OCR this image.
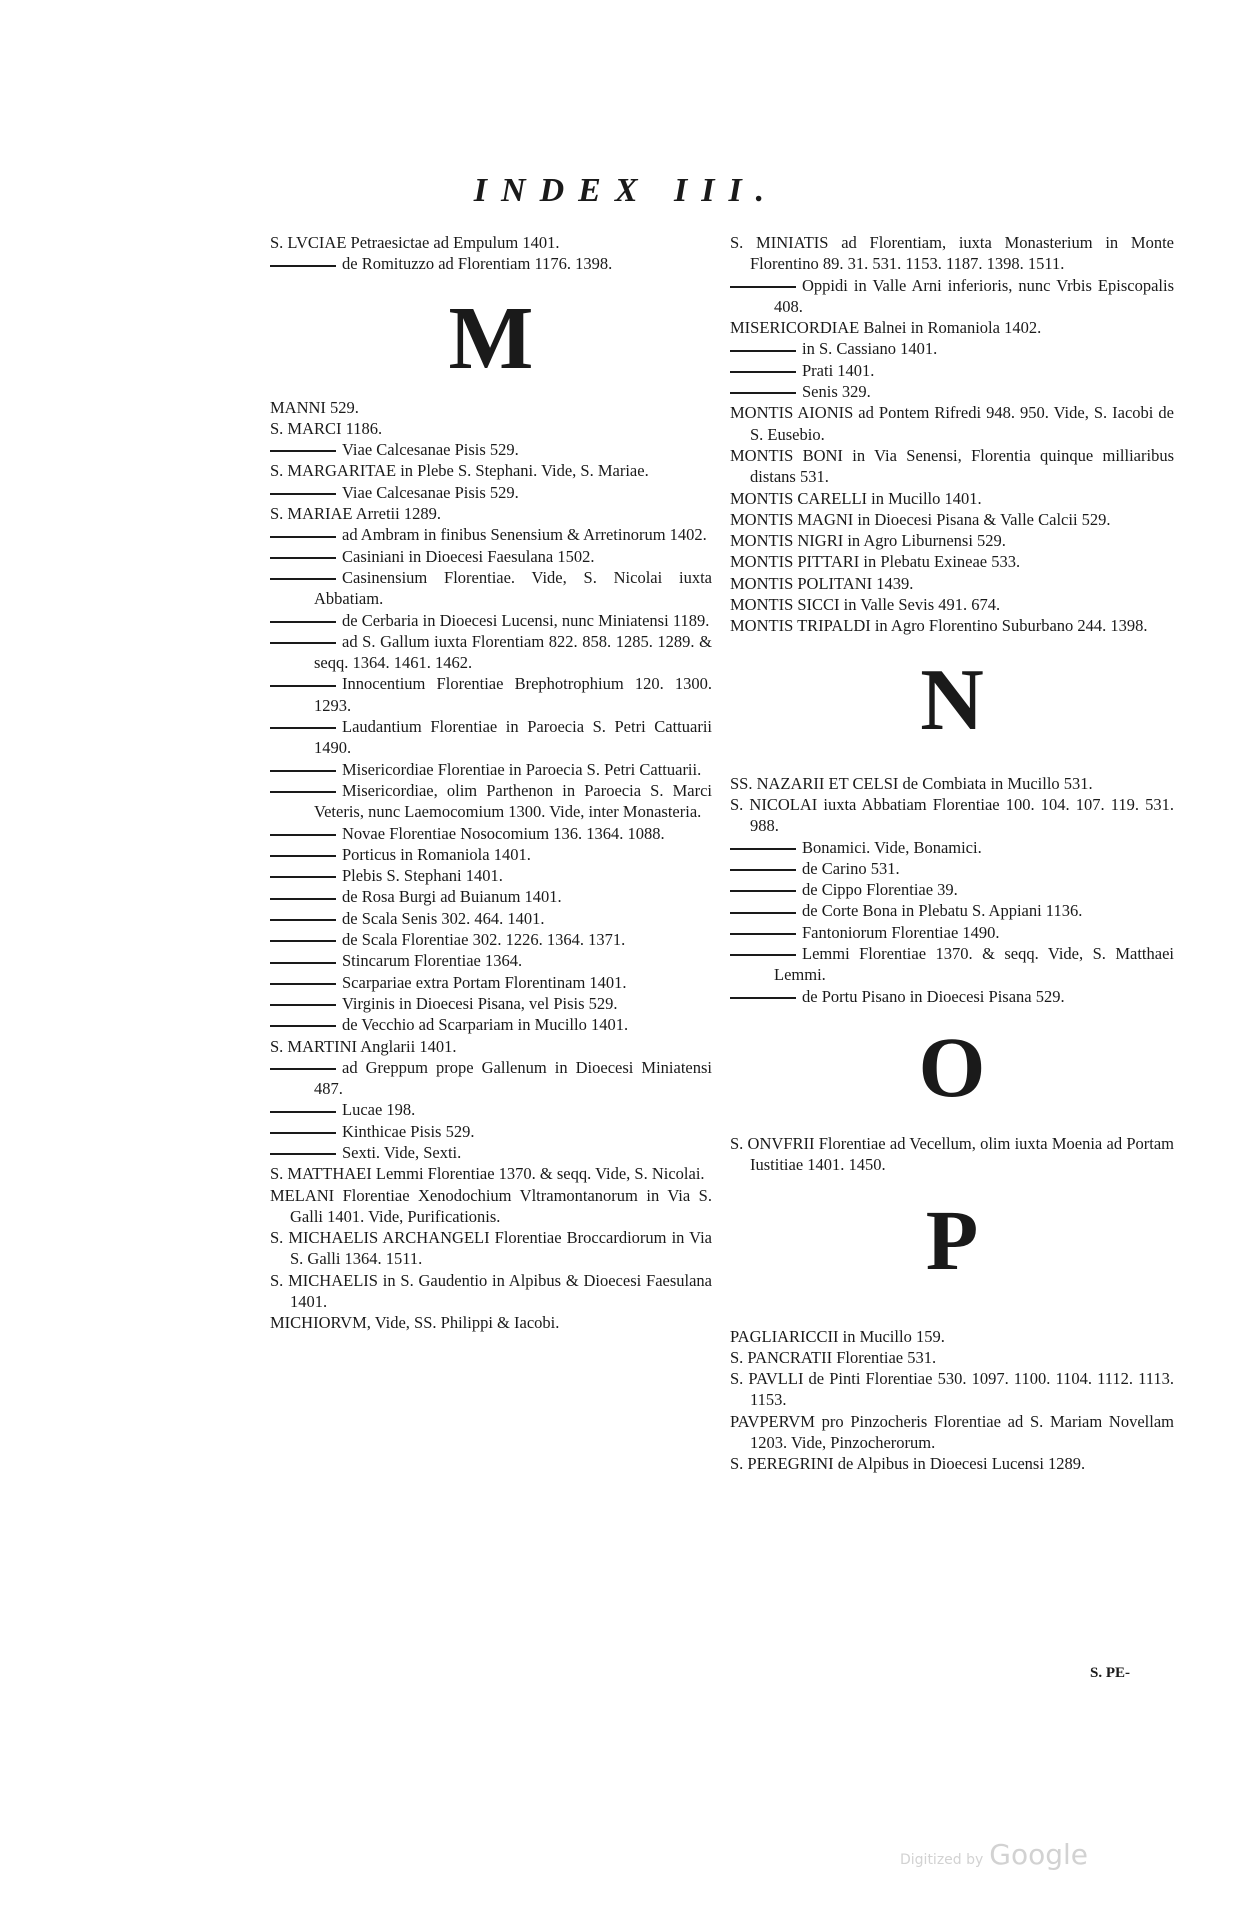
INDEX III.

S. LVCIAE Petraesictae ad Empulum 1401.

de Romituzzo ad Florentiam 1176. 1398.

M

MANNI 529.

S. MARCI 1186.

Viae Calcesanae Pisis 529.

S. MARGARITAE in Plebe S. Stephani. Vide, S. Mariae.

Viae Calcesanae Pisis 529.

S. MARIAE Arretii 1289.

ad Ambram in finibus Senensium & Arretinorum 1402.

Casiniani in Dioecesi Faesulana 1502.

Casinensium Florentiae. Vide, S. Nicolai iuxta Abbatiam.

de Cerbaria in Dioecesi Lucensi, nunc Miniatensi 1189.

ad S. Gallum iuxta Florentiam 822. 858. 1285. 1289. & seqq. 1364. 1461. 1462.

Innocentium Florentiae Brephotrophium 120. 1300. 1293.

Laudantium Florentiae in Paroecia S. Petri Cattuarii 1490.

Misericordiae Florentiae in Paroecia S. Petri Cattuarii.

Misericordiae, olim Parthenon in Paroecia S. Marci Veteris, nunc Laemocomium 1300. Vide, inter Monasteria.

Novae Florentiae Nosocomium 136. 1364. 1088.

Porticus in Romaniola 1401.

Plebis S. Stephani 1401.

de Rosa Burgi ad Buianum 1401.

de Scala Senis 302. 464. 1401.

de Scala Florentiae 302. 1226. 1364. 1371.

Stincarum Florentiae 1364.

Scarpariae extra Portam Florentinam 1401.

Virginis in Dioecesi Pisana, vel Pisis 529.

de Vecchio ad Scarpariam in Mucillo 1401.

S. MARTINI Anglarii 1401.

ad Greppum prope Gallenum in Dioecesi Miniatensi 487.

Lucae 198.

Kinthicae Pisis 529.

Sexti. Vide, Sexti.

S. MATTHAEI Lemmi Florentiae 1370. & seqq. Vide, S. Nicolai.

MELANI Florentiae Xenodochium Vltramontanorum in Via S. Galli 1401. Vide, Purificationis.

S. MICHAELIS ARCHANGELI Florentiae Broccardiorum in Via S. Galli 1364. 1511.

S. MICHAELIS in S. Gaudentio in Alpibus & Dioecesi Faesulana 1401.

MICHIORVM, Vide, SS. Philippi & Iacobi.

S. MINIATIS ad Florentiam, iuxta Monasterium in Monte Florentino 89. 31. 531. 1153. 1187. 1398. 1511.

Oppidi in Valle Arni inferioris, nunc Vrbis Episcopalis 408.

MISERICORDIAE Balnei in Romaniola 1402.

in S. Cassiano 1401.

Prati 1401.

Senis 329.

MONTIS AIONIS ad Pontem Rifredi 948. 950. Vide, S. Iacobi de S. Eusebio.

MONTIS BONI in Via Senensi, Florentia quinque milliaribus distans 531.

MONTIS CARELLI in Mucillo 1401.

MONTIS MAGNI in Dioecesi Pisana & Valle Calcii 529.

MONTIS NIGRI in Agro Liburnensi 529.

MONTIS PITTARI in Plebatu Exineae 533.

MONTIS POLITANI 1439.

MONTIS SICCI in Valle Sevis 491. 674.

MONTIS TRIPALDI in Agro Florentino Suburbano 244. 1398.

N

SS. NAZARII ET CELSI de Combiata in Mucillo 531.

S. NICOLAI iuxta Abbatiam Florentiae 100. 104. 107. 119. 531. 988.

Bonamici. Vide, Bonamici.

de Carino 531.

de Cippo Florentiae 39.

de Corte Bona in Plebatu S. Appiani 1136.

Fantoniorum Florentiae 1490.

Lemmi Florentiae 1370. & seqq. Vide, S. Matthaei Lemmi.

de Portu Pisano in Dioecesi Pisana 529.

O

S. ONVFRII Florentiae ad Vecellum, olim iuxta Moeniа ad Portam Iustitiae 1401. 1450.

P

PAGLIARICCII in Mucillo 159.

S. PANCRATII Florentiae 531.

S. PAVLLI de Pinti Florentiae 530. 1097. 1100. 1104. 1112. 1113. 1153.

PAVPERVM pro Pinzocheris Florentiae ad S. Mariam Novellam 1203. Vide, Pinzocherorum.

S. PEREGRINI de Alpibus in Dioecesi Lucensi 1289.

S. PE-
Digitized by Google
